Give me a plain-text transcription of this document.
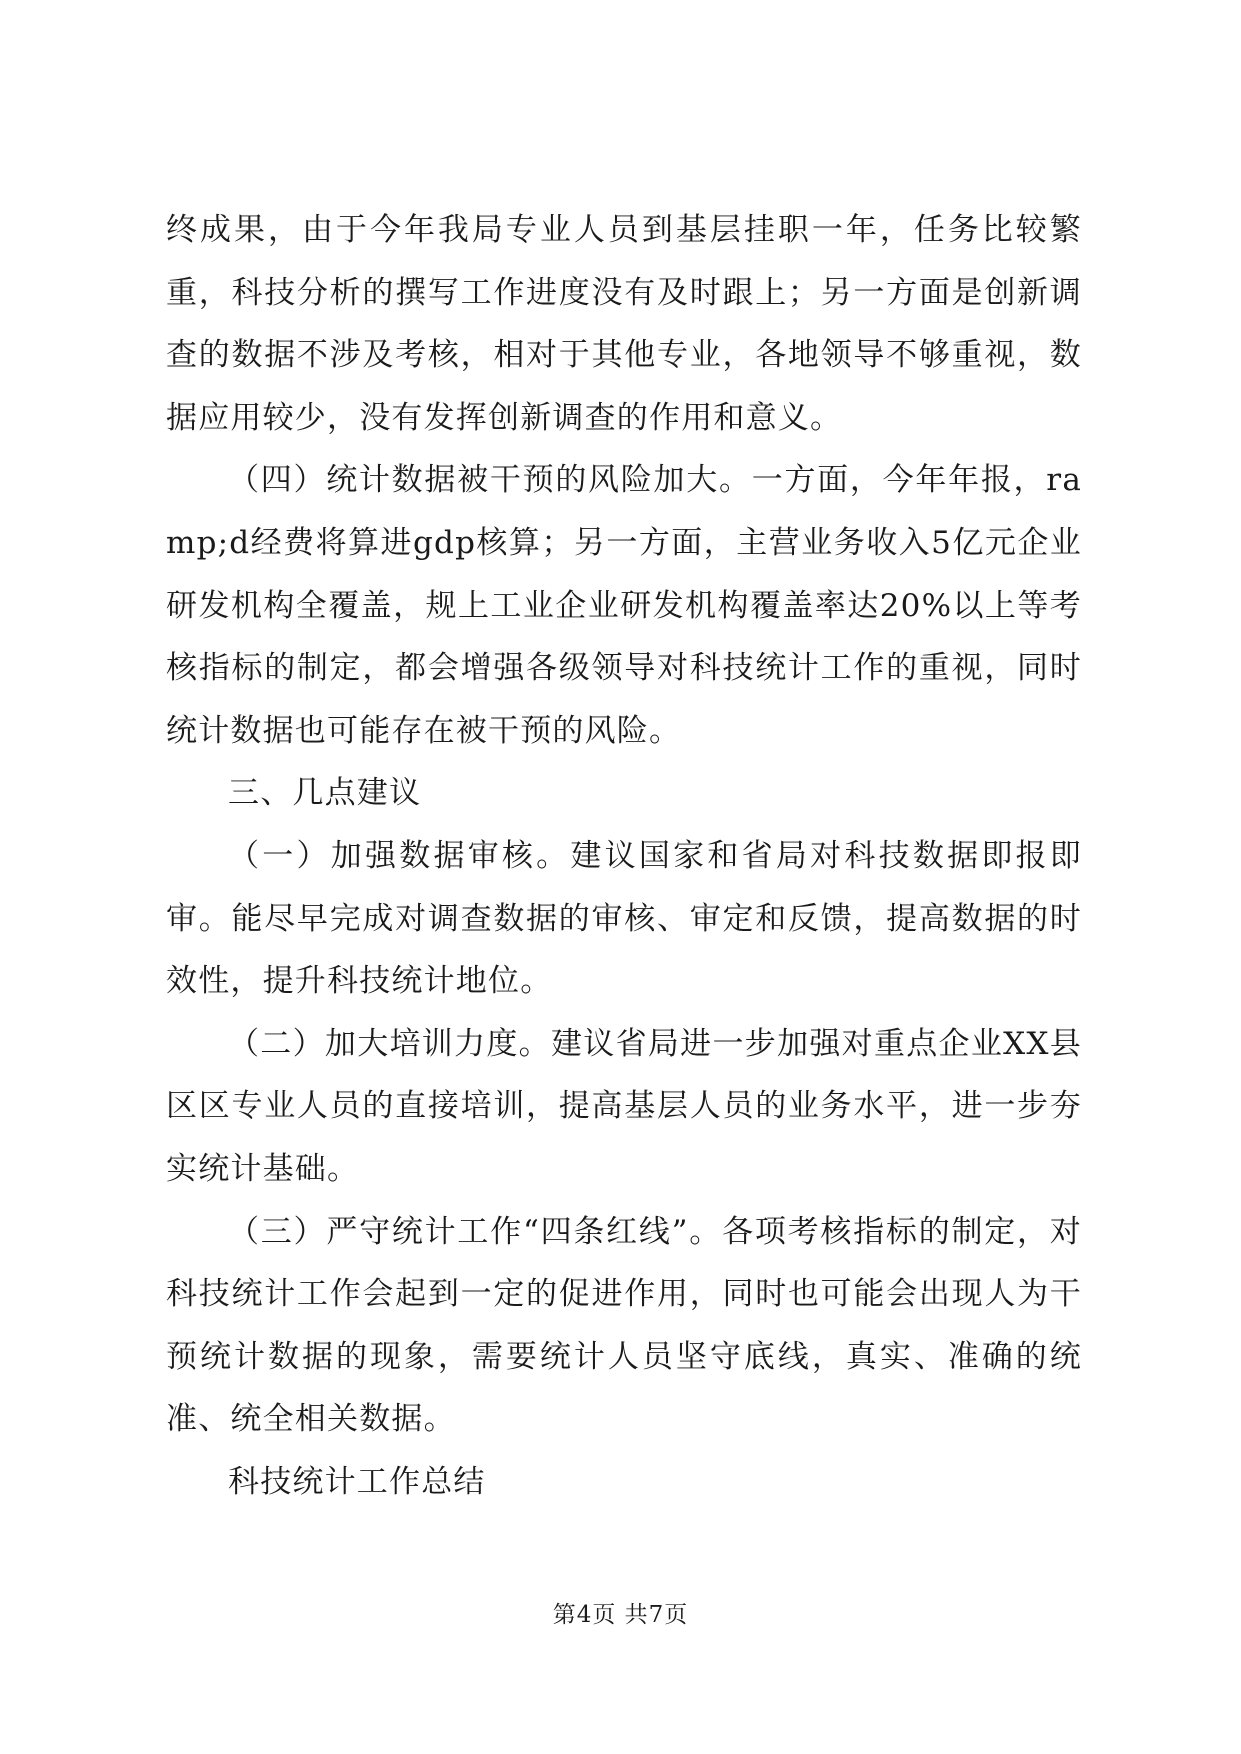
终成果，由于今年我局专业人员到基层挂职一年，任务比较繁重，科技分析的撰写工作进度没有及时跟上；另一方面是创新调查的数据不涉及考核，相对于其他专业，各地领导不够重视，数据应用较少，没有发挥创新调查的作用和意义。

（四）统计数据被干预的风险加大。一方面，今年年报，ramp;d经费将算进gdp核算；另一方面，主营业务收入5亿元企业研发机构全覆盖，规上工业企业研发机构覆盖率达20%以上等考核指标的制定，都会增强各级领导对科技统计工作的重视，同时统计数据也可能存在被干预的风险。

三、几点建议

（一）加强数据审核。建议国家和省局对科技数据即报即审。能尽早完成对调查数据的审核、审定和反馈，提高数据的时效性，提升科技统计地位。

（二）加大培训力度。建议省局进一步加强对重点企业XX县区区专业人员的直接培训，提高基层人员的业务水平，进一步夯实统计基础。

（三）严守统计工作“四条红线”。各项考核指标的制定，对科技统计工作会起到一定的促进作用，同时也可能会出现人为干预统计数据的现象，需要统计人员坚守底线，真实、准确的统准、统全相关数据。

科技统计工作总结

第4页 共7页
